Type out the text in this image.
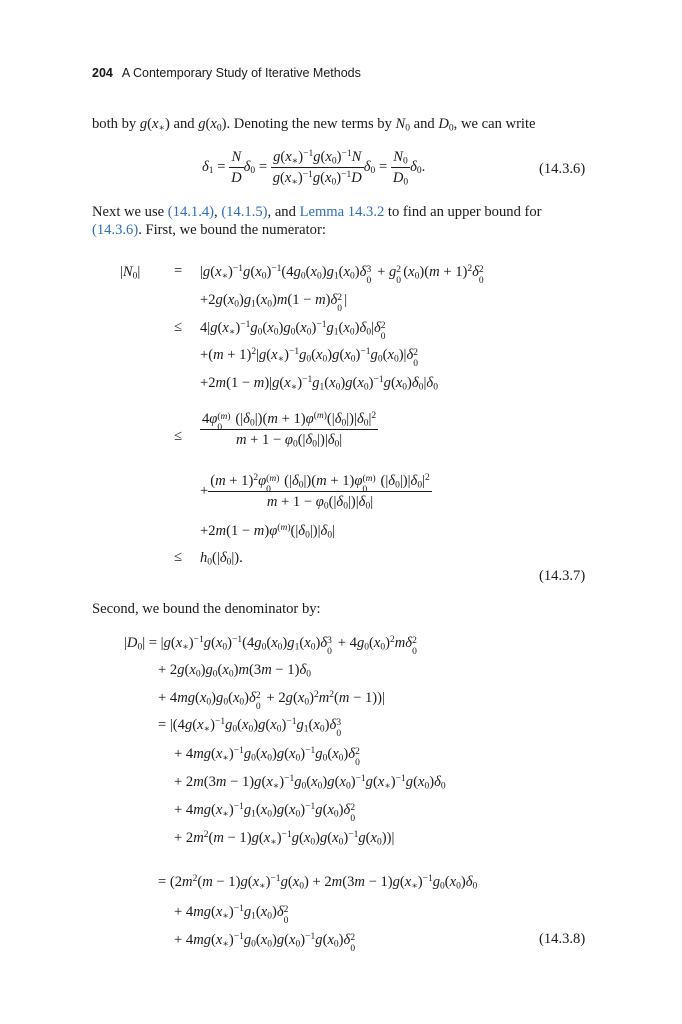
204 A Contemporary Study of Iterative Methods
both by $g(x_∗)$ and $g(x_0)$. Denoting the new terms by $N_0$ and $D_0$, we can write
$\delta_1 = \frac{N}{D} \delta_0 = \frac{g(x_∗)^{-1}g(x_0)^{-1}N}{g(x_∗)^{-1}g(x_0)^{-1}D} \delta_0 = \frac{N_0}{D_0} \delta_0$.	(14.3.6)
Next we use (14.1.4), (14.1.5), and Lemma 14.3.2 to find an upper bound for
(14.3.6). First, we bound the numerator:
$|N_0| = |g(x_∗)^{-1}g(x_0)^{-1}(4g_0(x_0)g_1(x_0)\delta$ 3
0
+ g 2
0
$(x_0)(m + 1)^2\delta$ 2
0
$+2g(x_0)g_1(x_0)m(1 - m)\delta$ 2
0
|
≤ $4|g(x_∗)^{-1}g_0(x_0)g_0(x_0)^{-1}g_1(x_0)\delta_0|\delta$ 2
0
$+(m + 1)^2|g(x_∗)^{-1}g_0(x_0)g(x_0)^{-1}g_0(x_0)|\delta$ 2
0
$+2m(1 - m)|g(x_∗)^{-1}g_1(x_0)g(x_0)^{-1}g(x_0)\delta_0|\delta_0$
≤ 4φ (m)
0
$(|\delta_0|)(m + 1)\varphi^{(m)}(|\delta_0|)|\delta_0|^2$
$m + 1 - \varphi_0(|\delta_0|)|\delta_0|$
+ $(m + 1)^2\varphi$ (m)
0
$(|\delta_0|)(m + 1)\varphi$ (m)
0
$(|\delta_0|)|\delta_0|^2$
$m + 1 - \varphi_0(|\delta_0|)|\delta_0|$
$+2m(1 - m)\varphi^{(m)}(|\delta_0|)|\delta_0|$
≤ $h_0(|\delta_0|)$.
(14.3.7)
Second, we bound the denominator by:
$|D_0| = |g(x_∗)^{-1}g(x_0)^{-1}(4g_0(x_0)g_1(x_0)\delta$ 3
0
+ $4g_0(x_0)^2m\delta$ 2
0
+ $2g(x_0)g_0(x_0)m(3m - 1)\delta_0$
+ $4mg(x_0)g_0(x_0)\delta$ 2
0
+ $2g(x_0)^2m^2(m - 1))|$
= $|(4g(x_∗)^{-1}g_0(x_0)g(x_0)^{-1}g_1(x_0)\delta$ 3
0
+ $4mg(x_∗)^{-1}g_0(x_0)g(x_0)^{-1}g_0(x_0)\delta$ 2
0
+ $2m(3m - 1)g(x_∗)^{-1}g_0(x_0)g(x_0)^{-1}g(x_∗)^{-1}g(x_0)\delta_0$
+ $4mg(x_∗)^{-1}g_1(x_0)g(x_0)^{-1}g(x_0)\delta$ 2
0
+ $2m^2(m - 1)g(x_∗)^{-1}g(x_0)g(x_0)^{-1}g(x_0))|$
= ($2m^2(m - 1)g(x_∗)^{-1}g(x_0) + 2m(3m - 1)g(x_∗)^{-1}g_0(x_0)\delta_0$
+ $4mg(x_∗)^{-1}g_1(x_0)\delta$ 2
0
+ $4mg(x_∗)^{-1}g_0(x_0)g(x_0)^{-1}g(x_0)\delta$ 2
0
(14.3.8)
